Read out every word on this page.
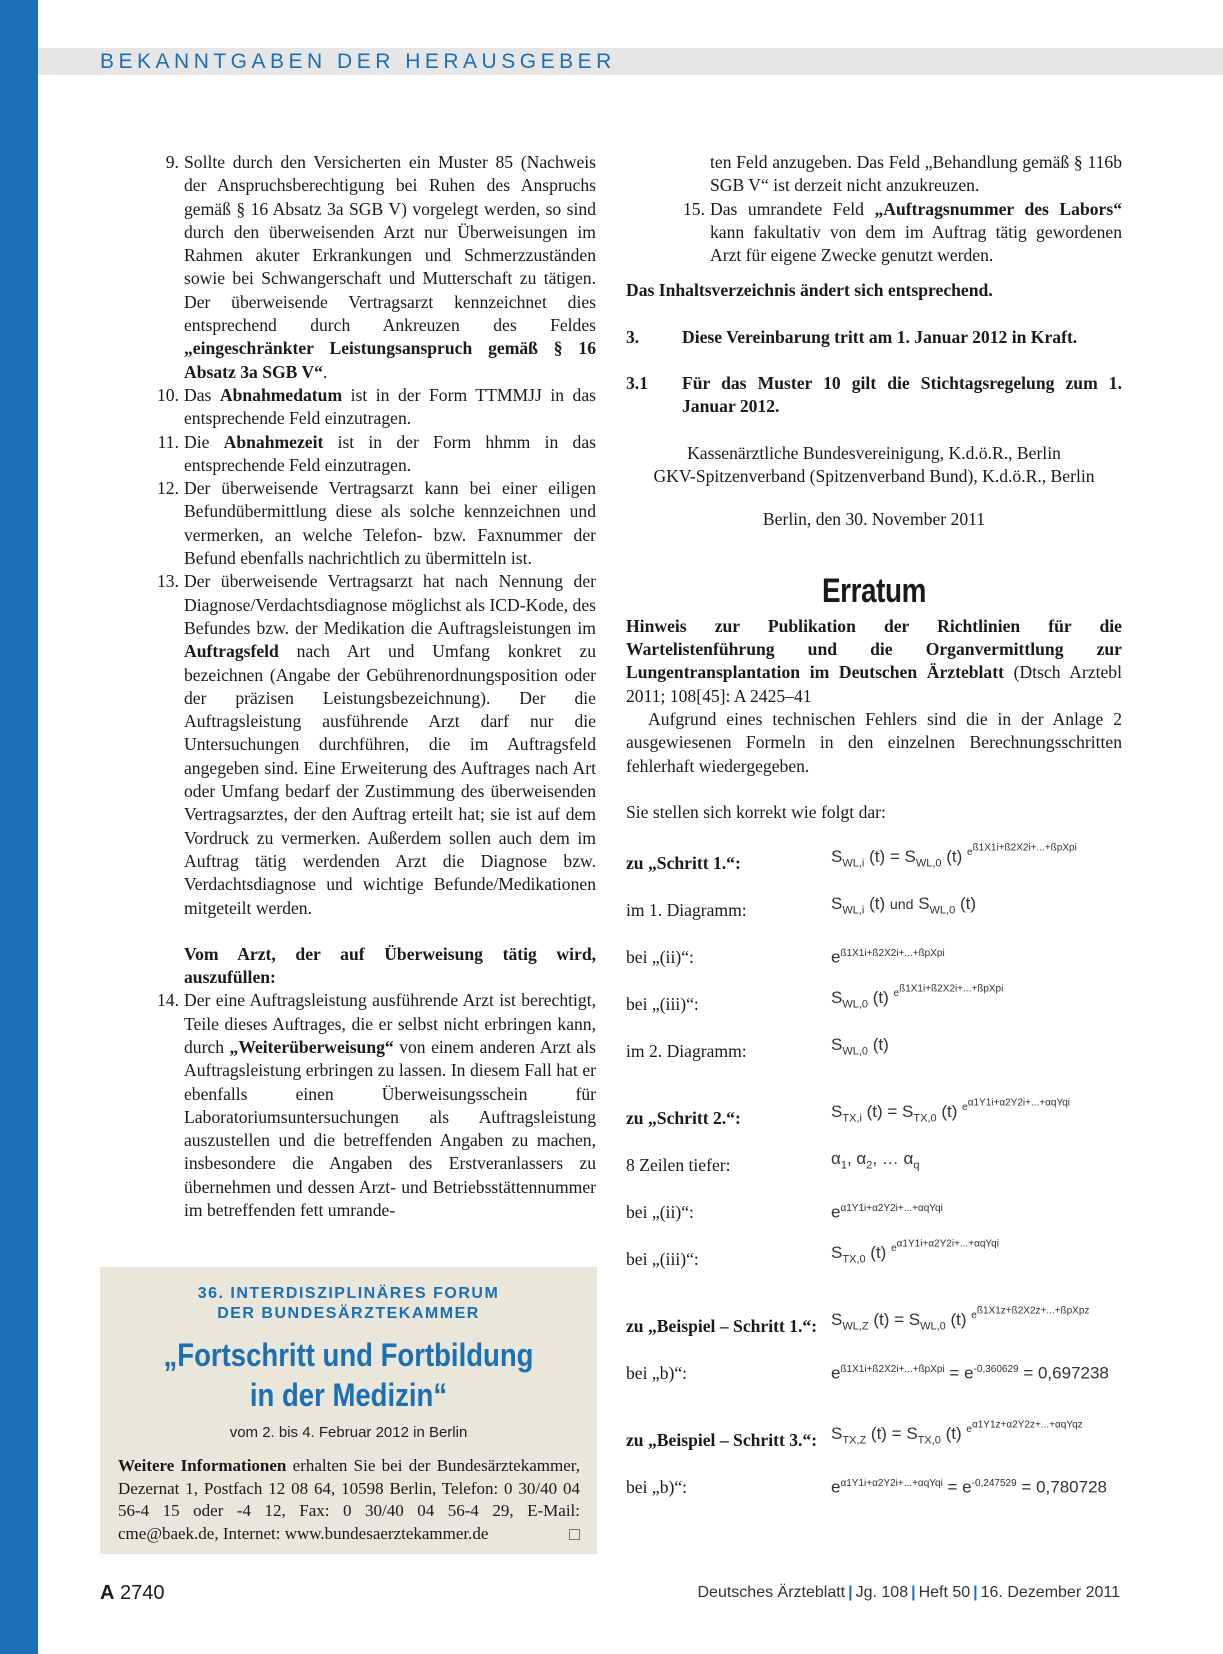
BEKANNTGABEN DER HERAUSGEBER
9. Sollte durch den Versicherten ein Muster 85 (Nachweis der Anspruchsberechtigung bei Ruhen des Anspruchs gemäß § 16 Absatz 3a SGB V) vorgelegt werden, so sind durch den überweisenden Arzt nur Überweisungen im Rahmen akuter Erkrankungen und Schmerzzuständen sowie bei Schwangerschaft und Mutterschaft zu tätigen. Der überweisende Vertragsarzt kennzeichnet dies entsprechend durch Ankreuzen des Feldes „eingeschränkter Leistungsanspruch gemäß § 16 Absatz 3a SGB V“.
10. Das Abnahmedatum ist in der Form TTMMJJ in das entsprechende Feld einzutragen.
11. Die Abnahmezeit ist in der Form hhmm in das entsprechende Feld einzutragen.
12. Der überweisende Vertragsarzt kann bei einer eiligen Befundübermittlung diese als solche kennzeichnen und vermerken, an welche Telefon- bzw. Faxnummer der Befund ebenfalls nachrichtlich zu übermitteln ist.
13. Der überweisende Vertragsarzt hat nach Nennung der Diagnose/Verdachtsdiagnose möglichst als ICD-Kode, des Befundes bzw. der Medikation die Auftragsleistungen im Auftragsfeld nach Art und Umfang konkret zu bezeichnen (Angabe der Gebührenordnungsposition oder der präzisen Leistungsbezeichnung). Der die Auftragsleistung ausführende Arzt darf nur die Untersuchungen durchführen, die im Auftragsfeld angegeben sind. Eine Erweiterung des Auftrages nach Art oder Umfang bedarf der Zustimmung des überweisenden Vertragsarztes, der den Auftrag erteilt hat; sie ist auf dem Vordruck zu vermerken. Außerdem sollen auch dem im Auftrag tätig werdenden Arzt die Diagnose bzw. Verdachtsdiagnose und wichtige Befunde/Medikationen mitgeteilt werden.
Vom Arzt, der auf Überweisung tätig wird, auszufüllen:
14. Der eine Auftragsleistung ausführende Arzt ist berechtigt, Teile dieses Auftrages, die er selbst nicht erbringen kann, durch „Weiterüberweisung“ von einem anderen Arzt als Auftragsleistung erbringen zu lassen. In diesem Fall hat er ebenfalls einen Überweisungsschein für Laboratoriumsuntersuchungen als Auftragsleistung auszustellen und die betreffenden Angaben zu machen, insbesondere die Angaben des Erstveranlassers zu übernehmen und dessen Arzt- und Betriebsstättennummer im betreffenden fett umrande-
ten Feld anzugeben. Das Feld „Behandlung gemäß § 116b SGB V“ ist derzeit nicht anzukreuzen.
15. Das umrandete Feld „Auftragsnummer des Labors“ kann fakultativ von dem im Auftrag tätig gewordenen Arzt für eigene Zwecke genutzt werden.
Das Inhaltsverzeichnis ändert sich entsprechend.
3.	Diese Vereinbarung tritt am 1. Januar 2012 in Kraft.
3.1	Für das Muster 10 gilt die Stichtagsregelung zum 1. Januar 2012.
Kassenärztliche Bundesvereinigung, K.d.ö.R., Berlin
GKV-Spitzenverband (Spitzenverband Bund), K.d.ö.R., Berlin
Berlin, den 30. November 2011
Erratum
Hinweis zur Publikation der Richtlinien für die Wartelistenführung und die Organvermittlung zur Lungentransplantation im Deutschen Ärzteblatt (Dtsch Arztebl 2011; 108[45]: A 2425–41
Aufgrund eines technischen Fehlers sind die in der Anlage 2 ausgewiesenen Formeln in den einzelnen Berechnungsschritten fehlerhaft wiedergegeben.
Sie stellen sich korrekt wie folgt dar:
zu „Schritt 1.“:	$S_{WL,i}$ $(t) = S_{WL,0}$ (t) $^{e^{ß1X1i+ß2X2i+...+ßpXpi}}$
im 1. Diagramm:	$S_{WL,i}$ (t) und $S_{WL,0}$ (t)
bei „(ii)“:	$e^{ß1X1i+ß2X2i+...+ßpXpi}$
bei „(iii)“:	$S_{WL,0}$ (t) $^{e^{ß1X1i+ß2X2i+...+ßpXpi}}$
im 2. Diagramm:	$S_{WL,0}$ (t)
zu „Schritt 2.“:	$S_{TX,i}$ $(t) = S_{TX,0}$ (t) $^{e^{\alpha 1Y1i+\alpha 2Y2i+...+\alpha qYqi}}$
8 Zeilen tiefer:	$\alpha_1$, $\alpha_2$, … $\alpha_q$
bei „(ii)“:	$e^{\alpha 1Y1i+\alpha 2Y2i+...+\alpha qYqi}$
bei „(iii)“:	$S_{TX,0}$ (t) $^{e^{\alpha 1Y1i+\alpha 2Y2i+...+\alpha qYqi}}$
zu „Beispiel – Schritt 1.“: $S_{WL,Z}$ $(t) = S_{WL,0}$ (t) $^{e^{ß1X1z+ß2X2z+...+ßpXpz}}$
bei „b)“:	$e^{ß1X1i+ß2X2i+...+ßpXpi} = e^{-0,360629} = 0,697238$
zu „Beispiel – Schritt 3.“: $S_{TX,Z}$ $(t) = S_{TX,0}$ (t) $^{e^{\alpha 1Y1z+\alpha 2Y2z+...+\alpha qYqz}}$
bei „b)“:	$e^{\alpha 1Y1i+\alpha 2Y2i+...+\alpha qYqi} = e^{-0,247529} = 0,780728$
36. INTERDISZIPLINÄRES FORUM
DER BUNDESÄRZTEKAMMER
„Fortschritt und Fortbildung
in der Medizin“
vom 2. bis 4. Februar 2012 in Berlin
Weitere Informationen erhalten Sie bei der Bundesärztekammer, Dezernat 1, Postfach 12 08 64, 10598 Berlin, Telefon: 0 30/40 04 56-4 15 oder -4 12, Fax: 0 30/40 04 56-4 29, E-Mail: cme@baek.de, Internet: www.bundesaerztekammer.de
A 2740	Deutsches Ärzteblatt | Jg. 108 | Heft 50 | 16. Dezember 2011
